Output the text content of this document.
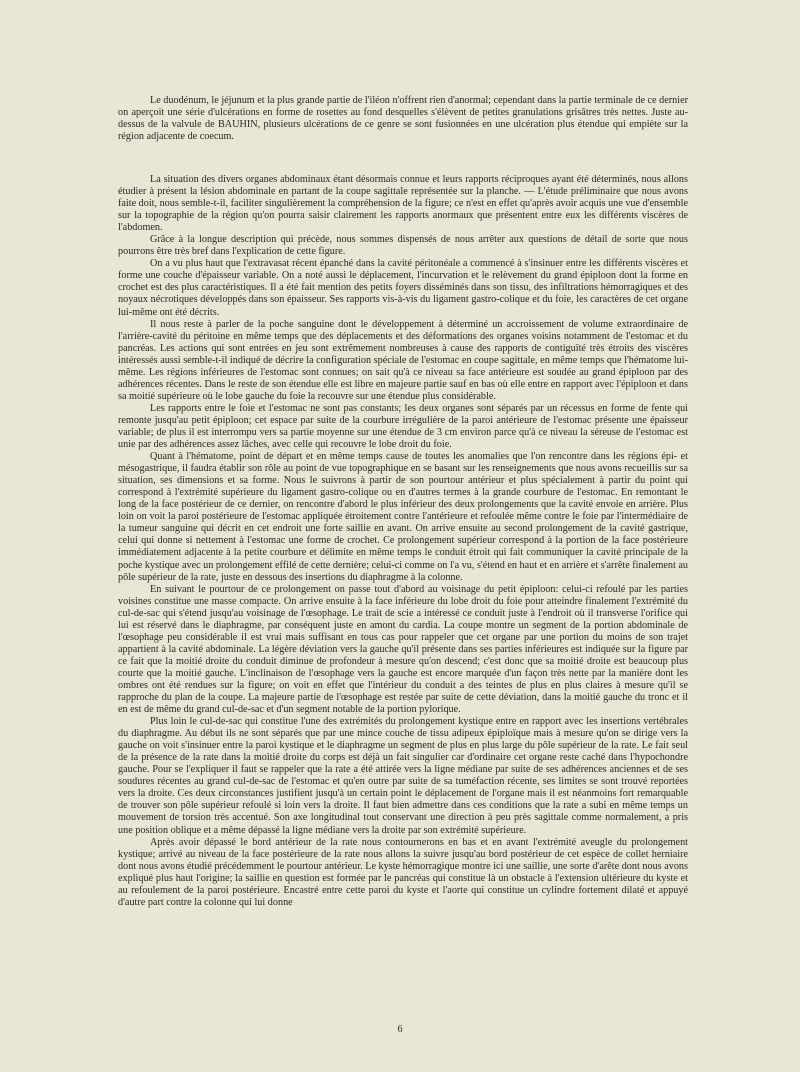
Le duodénum, le jéjunum et la plus grande partie de l'iléon n'offrent rien d'anormal; cependant dans la partie terminale de ce dernier on aperçoit une série d'ulcérations en forme de rosettes au fond desquelles s'élèvent de petites granulations grisâtres très nettes. Juste au-dessus de la valvule de BAUHIN, plusieurs ulcérations de ce genre se sont fusionnées en une ulcération plus étendue qui empiète sur la région adjacente de coecum.

La situation des divers organes abdominaux étant désormais connue et leurs rapports réciproques ayant été déterminés, nous allons étudier à présent la lésion abdominale en partant de la coupe sagittale représentée sur la planche. — L'étude préliminaire que nous avons faite doit, nous semble-t-il, faciliter singulièrement la compréhension de la figure; ce n'est en effet qu'après avoir acquis une vue d'ensemble sur la topographie de la région qu'on pourra saisir clairement les rapports anormaux que présentent entre eux les différents viscères de l'abdomen.

Grâce à la longue description qui précède, nous sommes dispensés de nous arrêter aux questions de détail de sorte que nous pourrons être très bref dans l'explication de cette figure.

On a vu plus haut que l'extravasat récent épanché dans la cavité péritonéale a commencé à s'insinuer entre les différents viscères et forme une couche d'épaisseur variable. On a noté aussi le déplacement, l'incurvation et le relèvement du grand épiploon dont la forme en crochet est des plus caractéristiques. Il a été fait mention des petits foyers disséminés dans son tissu, des infiltrations hémorragiques et des noyaux nécrotiques développés dans son épaisseur. Ses rapports vis-à-vis du ligament gastro-colique et du foie, les caractères de cet organe lui-même ont été décrits.

Il nous reste à parler de la poche sanguine dont le développement à déterminé un accroissement de volume extraordinaire de l'arrière-cavité du péritoine en même temps que des déplacements et des déformations des organes voisins notamment de l'estomac et du pancréas. Les actions qui sont entrées en jeu sont extrêmement nombreuses à cause des rapports de contiguïté très étroits des viscères intéressés aussi semble-t-il indiqué de décrire la configuration spéciale de l'estomac en coupe sagittale, en même temps que l'hématome lui-même. Les régions inférieures de l'estomac sont connues; on sait qu'à ce niveau sa face antérieure est soudée au grand épiploon par des adhérences récentes. Dans le reste de son étendue elle est libre en majeure partie sauf en bas où elle entre en rapport avec l'épiploon et dans sa moitié supérieure où le lobe gauche du foie la recouvre sur une étendue plus considérable.

Les rapports entre le foie et l'estomac ne sont pas constants; les deux organes sont séparés par un récessus en forme de fente qui remonte jusqu'au petit épiploon; cet espace par suite de la courbure irrégulière de la paroi antérieure de l'estomac présente une épaisseur variable; de plus il est interrompu vers sa partie moyenne sur une étendue de 3 cm environ parce qu'à ce niveau la séreuse de l'estomac est unie par des adhérences assez lâches, avec celle qui recouvre le lobe droit du foie.

Quant à l'hématome, point de départ et en même temps cause de toutes les anomalies que l'on rencontre dans les régions épi- et mésogastrique, il faudra établir son rôle au point de vue topographique en se basant sur les renseignements que nous avons recueillis sur sa situation, ses dimensions et sa forme. Nous le suivrons à partir de son pourtour antérieur et plus spécialement à partir du point qui correspond à l'extrémité supérieure du ligament gastro-colique ou en d'autres termes à la grande courbure de l'estomac. En remontant le long de la face postérieur de ce dernier, on rencontre d'abord le plus inférieur des deux prolongements que la cavité envoie en arrière. Plus loin on voit la paroi postérieure de l'estomac appliquée étroitement contre l'antérieure et refoulée même contre le foie par l'intermédiaire de la tumeur sanguine qui décrit en cet endroit une forte saillie en avant. On arrive ensuite au second prolongement de la cavité gastrique, celui qui donne si nettement à l'estomac une forme de crochet. Ce prolongement supérieur correspond à la portion de la face postérieure immédiatement adjacente à la petite courbure et délimite en même temps le conduit étroit qui fait communiquer la cavité principale de la poche kystique avec un prolongement effilé de cette dernière; celui-ci comme on l'a vu, s'étend en haut et en arrière et s'arrête finalement au pôle supérieur de la rate, juste en dessous des insertions du diaphragme à la colonne.

En suivant le pourtour de ce prolongement on passe tout d'abord au voisinage du petit épiploon: celui-ci refoulé par les parties voisines constitue une masse compacte. On arrive ensuite à la face inférieure du lobe droit du foie pour atteindre finalement l'extrémité du cul-de-sac qui s'étend jusqu'au voisinage de l'œsophage. Le trait de scie a intéressé ce conduit juste à l'endroit où il transverse l'orifice qui lui est réservé dans le diaphragme, par conséquent juste en amont du cardia. La coupe montre un segment de la portion abdominale de l'œsophage peu considérable il est vrai mais suffisant en tous cas pour rappeler que cet organe par une portion du moins de son trajet appartient à la cavité abdominale. La légère déviation vers la gauche qu'il présente dans ses parties inférieures est indiquée sur la figure par ce fait que la moitié droite du conduit diminue de profondeur à mesure qu'on descend; c'est donc que sa moitié droite est beaucoup plus courte que la moitié gauche. L'inclinaison de l'œsophage vers la gauche est encore marquée d'un façon très nette par la manière dont les ombres ont été rendues sur la figure; on voit en effet que l'intérieur du conduit a des teintes de plus en plus claires à mesure qu'il se rapproche du plan de la coupe. La majeure partie de l'œsophage est restée par suite de cette déviation, dans la moitié gauche du tronc et il en est de même du grand cul-de-sac et d'un segment notable de la portion pylorique.

Plus loin le cul-de-sac qui constitue l'une des extrémités du prolongement kystique entre en rapport avec les insertions vertébrales du diaphragme. Au début ils ne sont séparés que par une mince couche de tissu adipeux épiploïque mais à mesure qu'on se dirige vers la gauche on voit s'insinuer entre la paroi kystique et le diaphragme un segment de plus en plus large du pôle supérieur de la rate. Le fait seul de la présence de la rate dans la moitié droite du corps est déjà un fait singulier car d'ordinaire cet organe reste caché dans l'hypochondre gauche. Pour se l'expliquer il faut se rappeler que la rate a été attirée vers la ligne médiane par suite de ses adhérences anciennes et de ses soudures récentes au grand cul-de-sac de l'estomac et qu'en outre par suite de sa tuméfaction récente, ses limites se sont trouvé reportées vers la droite. Ces deux circonstances justifient jusqu'à un certain point le déplacement de l'organe mais il est néanmoins fort remarquable de trouver son pôle supérieur refoulé si loin vers la droite. Il faut bien admettre dans ces conditions que la rate a subi en même temps un mouvement de torsion très accentué. Son axe longitudinal tout conservant une direction à peu près sagittale comme normalement, a pris une position oblique et a même dépassé la ligne médiane vers la droite par son extrémité supérieure.

Après avoir dépassé le bord antérieur de la rate nous contournerons en bas et en avant l'extrémité aveugle du prolongement kystique; arrivé au niveau de la face postérieure de la rate nous allons la suivre jusqu'au bord postérieur de cet espèce de collet herniaire dont nous avons étudié précédemment le pourtour antérieur. Le kyste hémorragique montre ici une saillie, une sorte d'arête dont nous avons expliqué plus haut l'origine; la saillie en question est formée par le pancréas qui constitue là un obstacle à l'extension ultérieure du kyste et au refoulement de la paroi postérieure. Encastré entre cette paroi du kyste et l'aorte qui constitue un cylindre fortement dilaté et appuyé d'autre part contre la colonne qui lui donne

6
